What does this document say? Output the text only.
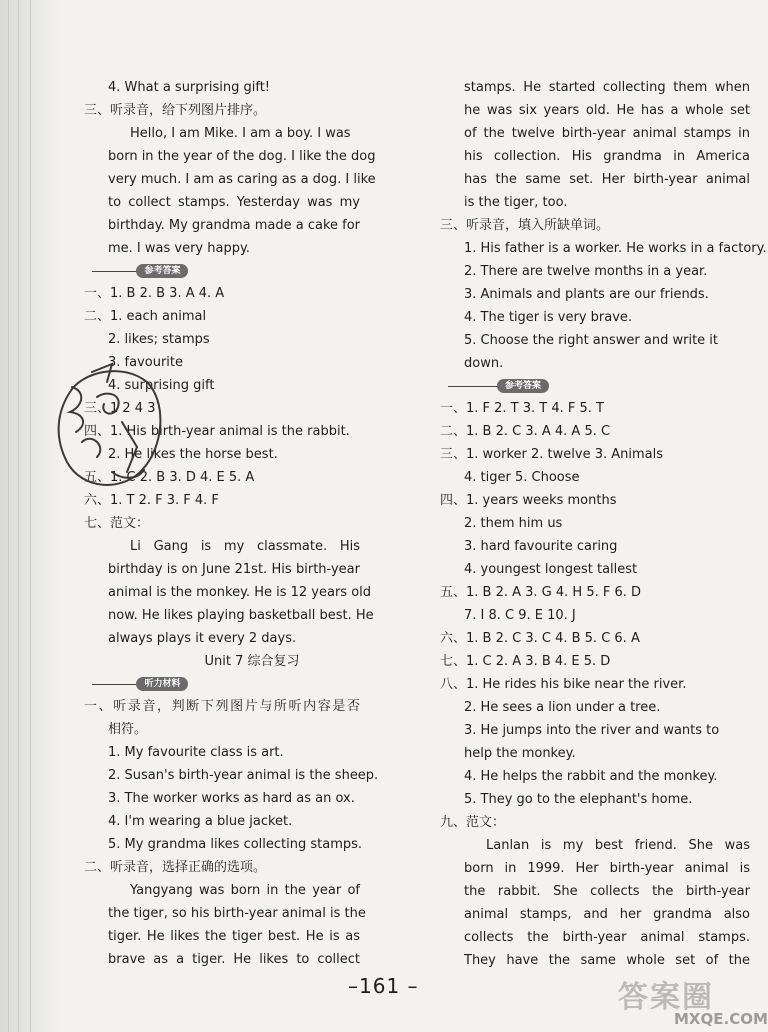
4. What a surprising gift!
三、听录音，给下列图片排序。
Hello, I am Mike. I am a boy. I was
born in the year of the dog. I like the dog
very much. I am as caring as a dog. I like
to collect stamps. Yesterday was my
birthday. My grandma made a cake for
me. I was very happy.
参考答案
一、1. B 2. B 3. A 4. A
二、1. each animal
2. likes; stamps
3. favourite
4. surprising gift
三、1 2 4 3
四、1. His birth-year animal is the rabbit.
2. He likes the horse best.
五、1. C 2. B 3. D 4. E 5. A
六、1. T 2. F 3. F 4. F
七、范文：
Li Gang is my classmate. His
birthday is on June 21st. His birth-year
animal is the monkey. He is 12 years old
now. He likes playing basketball best. He
always plays it every 2 days.
Unit 7 综合复习
听力材料
一、听录音，判断下列图片与所听内容是否
相符。
1. My favourite class is art.
2. Susan's birth-year animal is the sheep.
3. The worker works as hard as an ox.
4. I'm wearing a blue jacket.
5. My grandma likes collecting stamps.
二、听录音，选择正确的选项。
Yangyang was born in the year of
the tiger, so his birth-year animal is the
tiger. He likes the tiger best. He is as
brave as a tiger. He likes to collect
stamps. He started collecting them when
he was six years old. He has a whole set
of the twelve birth-year animal stamps in
his collection. His grandma in America
has the same set. Her birth-year animal
is the tiger, too.
三、听录音，填入所缺单词。
1. His father is a worker. He works in a factory.
2. There are twelve months in a year.
3. Animals and plants are our friends.
4. The tiger is very brave.
5. Choose the right answer and write it
down.
参考答案
一、1. F 2. T 3. T 4. F 5. T
二、1. B 2. C 3. A 4. A 5. C
三、1. worker 2. twelve 3. Animals
4. tiger 5. Choose
四、1. years weeks months
2. them him us
3. hard favourite caring
4. youngest longest tallest
五、1. B 2. A 3. G 4. H 5. F 6. D
7. I 8. C 9. E 10. J
六、1. B 2. C 3. C 4. B 5. C 6. A
七、1. C 2. A 3. B 4. E 5. D
八、1. He rides his bike near the river.
2. He sees a lion under a tree.
3. He jumps into the river and wants to
help the monkey.
4. He helps the rabbit and the monkey.
5. They go to the elephant's home.
九、范文：
Lanlan is my best friend. She was
born in 1999. Her birth-year animal is
the rabbit. She collects the birth-year
animal stamps, and her grandma also
collects the birth-year animal stamps.
They have the same whole set of the
–161 –	答案圈
MXQE.COM
